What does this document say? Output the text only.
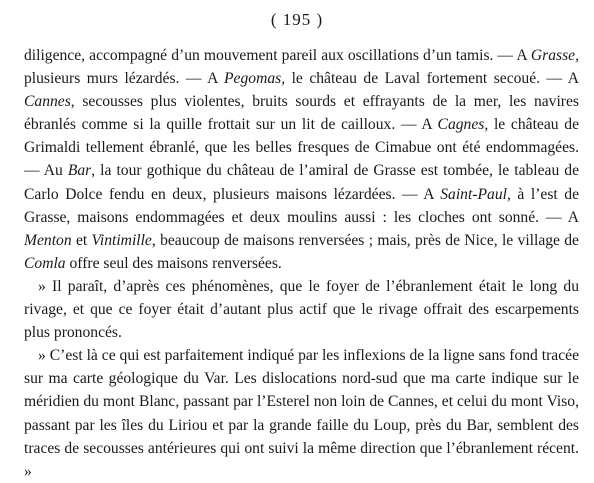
( 195 )

diligence, accompagné d’un mouvement pareil aux oscillations d’un tamis. — A Grasse, plusieurs murs lézardés. — A Pegomas, le château de Laval fortement secoué. — A Cannes, secousses plus violentes, bruits sourds et effrayants de la mer, les navires ébranlés comme si la quille frottait sur un lit de cailloux. — A Cagnes, le château de Grimaldi tellement ébranlé, que les belles fresques de Cimabue ont été endommagées. — Au Bar, la tour gothique du château de l’amiral de Grasse est tombée, le tableau de Carlo Dolce fendu en deux, plusieurs maisons lézardées. — A Saint-Paul, à l’est de Grasse, maisons endommagées et deux moulins aussi : les cloches ont sonné. — A Menton et Vintimille, beaucoup de maisons renversées ; mais, près de Nice, le village de Comla offre seul des maisons renversées.

» Il paraît, d’après ces phénomènes, que le foyer de l’ébranlement était le long du rivage, et que ce foyer était d’autant plus actif que le rivage offrait des escarpements plus prononcés.

» C’est là ce qui est parfaitement indiqué par les inflexions de la ligne sans fond tracée sur ma carte géologique du Var. Les dislocations nord-sud que ma carte indique sur le méridien du mont Blanc, passant par l’Esterel non loin de Cannes, et celui du mont Viso, passant par les îles du Liriou et par la grande faille du Loup, près du Bar, semblent des traces de secousses antérieures qui ont suivi la même direction que l’ébranlement récent. »
